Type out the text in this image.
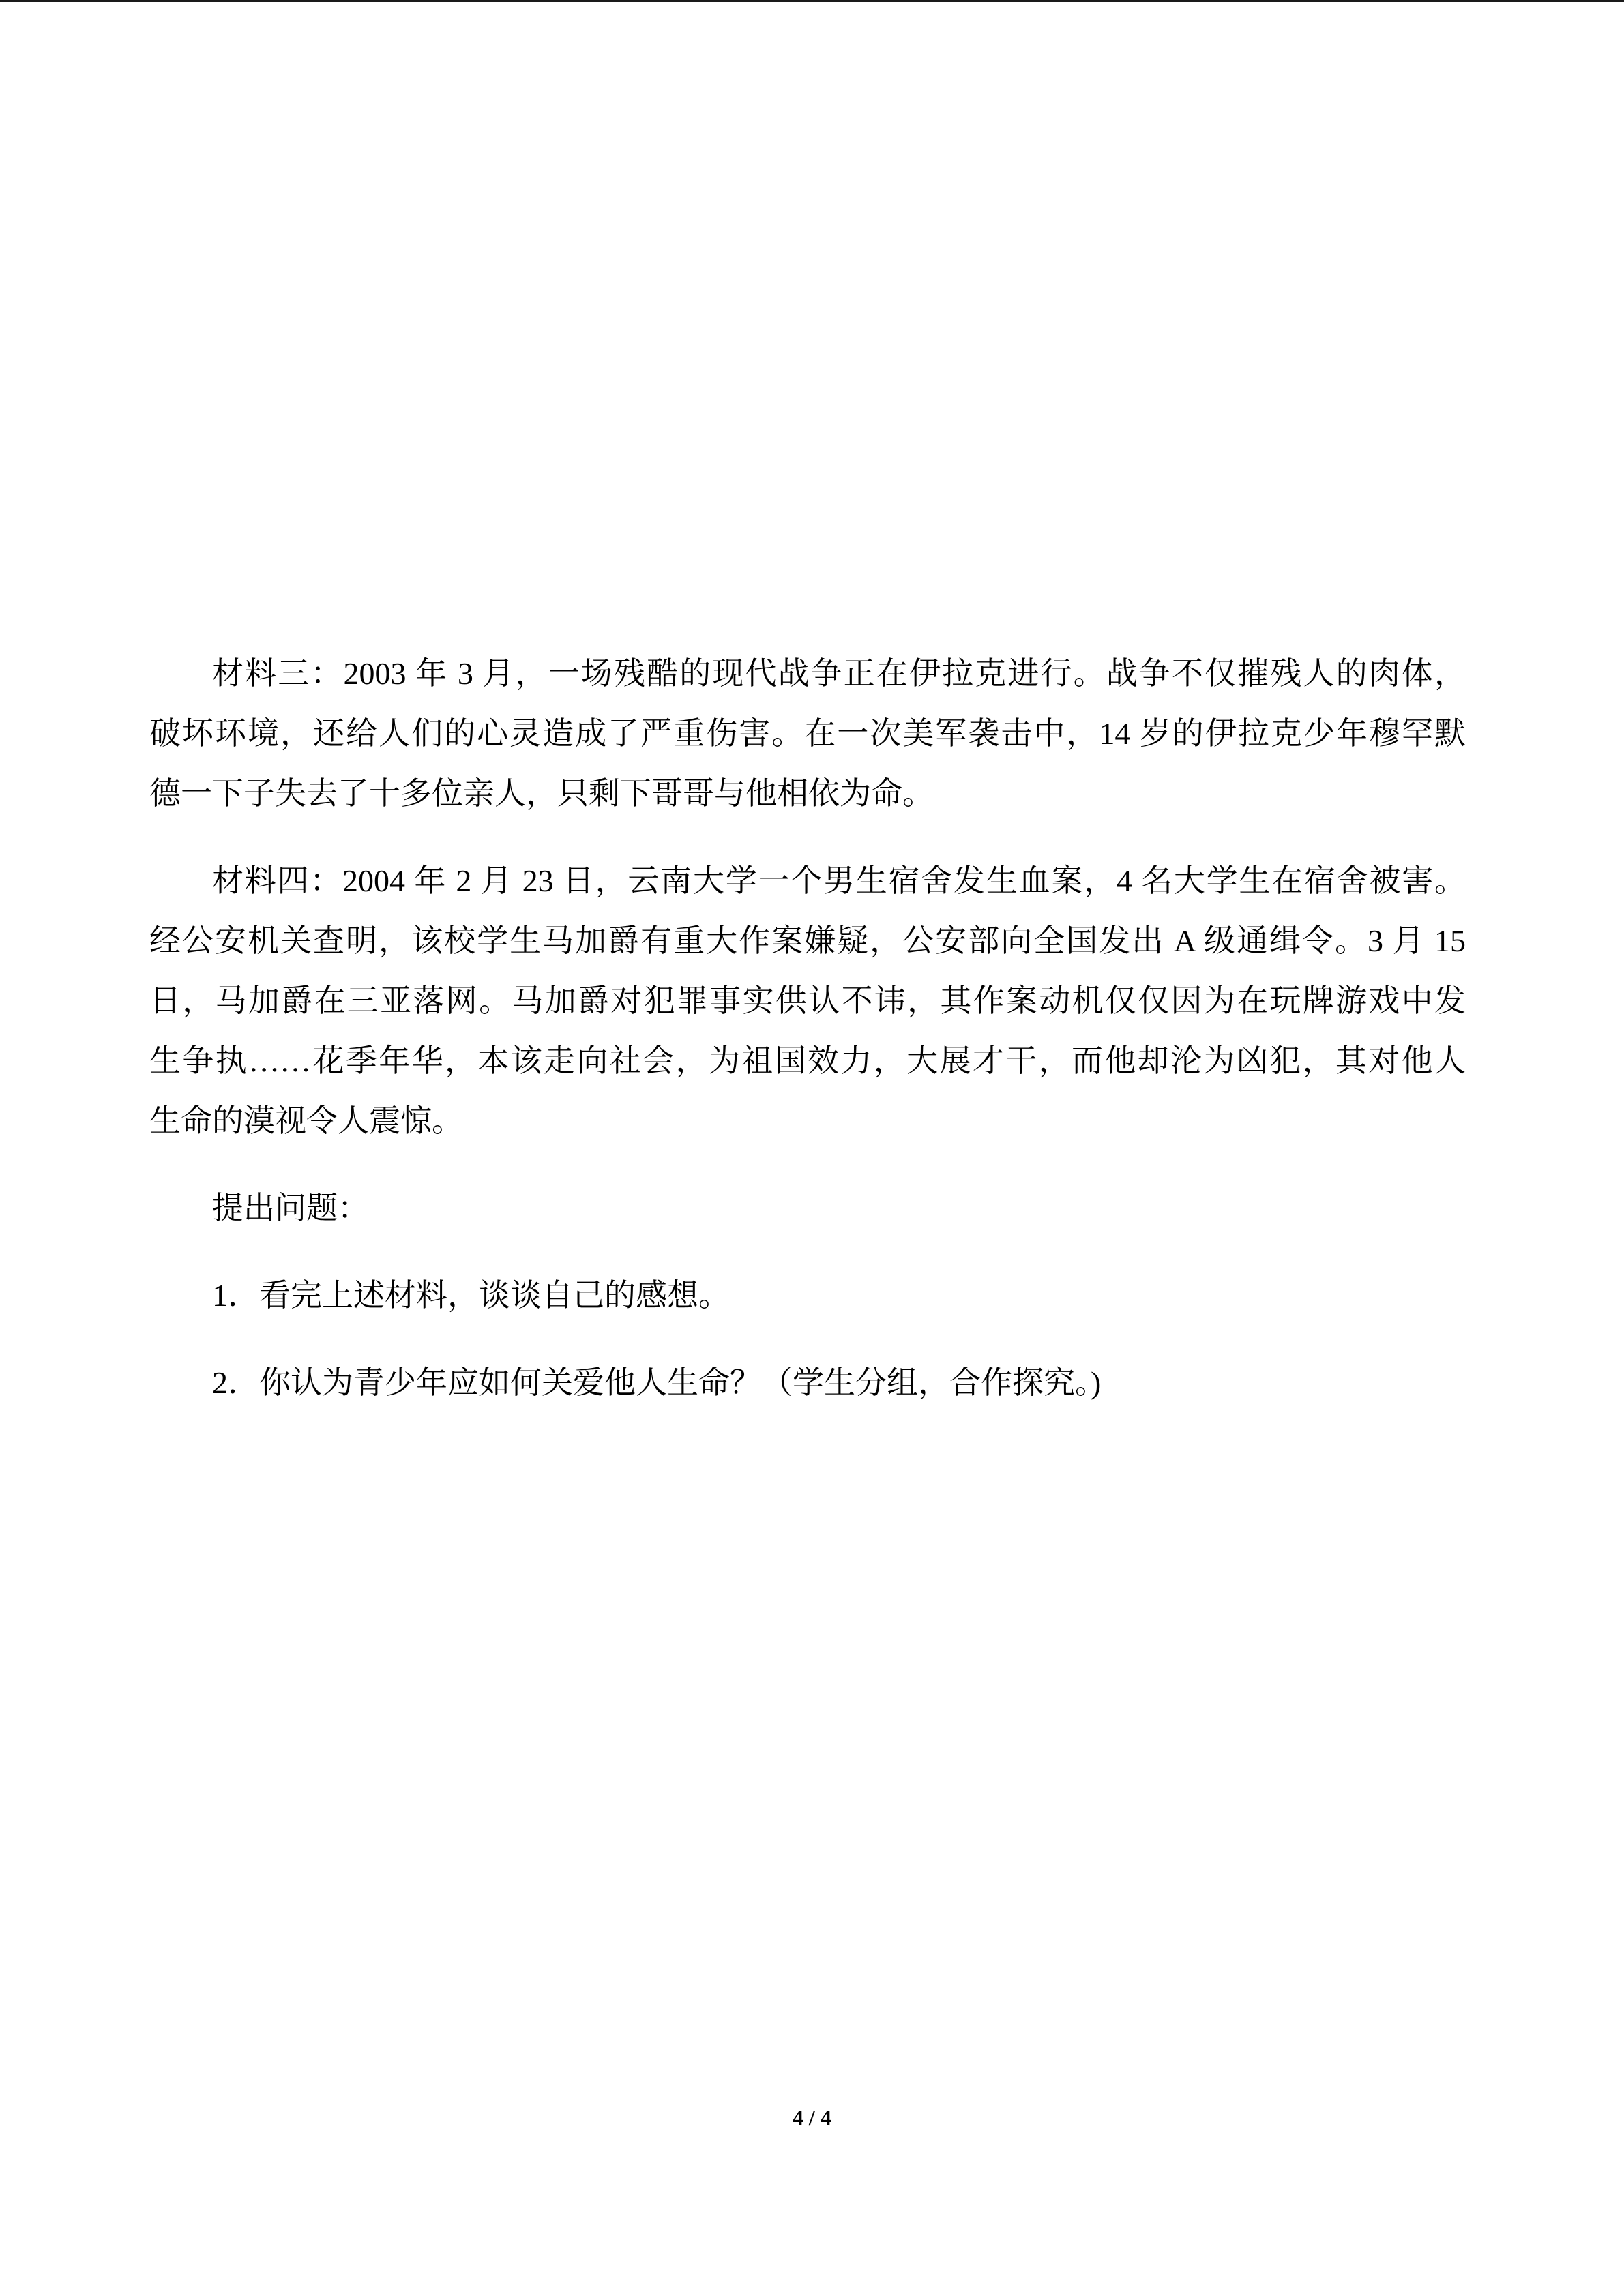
材料三：2003 年 3 月，一场残酷的现代战争正在伊拉克进行。战争不仅摧残人的肉体，
破坏环境，还给人们的心灵造成了严重伤害。在一次美军袭击中，14 岁的伊拉克少年穆罕默
德一下子失去了十多位亲人，只剩下哥哥与他相依为命。
材料四：2004 年 2 月 23 日，云南大学一个男生宿舍发生血案，4 名大学生在宿舍被害。
经公安机关查明，该校学生马加爵有重大作案嫌疑，公安部向全国发出 A 级通缉令。3 月 15
日，马加爵在三亚落网。马加爵对犯罪事实供认不讳，其作案动机仅仅因为在玩牌游戏中发
生争执……花季年华，本该走向社会，为祖国效力，大展才干，而他却沦为凶犯，其对他人
生命的漠视令人震惊。
提出问题：
1．看完上述材料，谈谈自己的感想。
2．你认为青少年应如何关爱他人生命？（学生分组，合作探究。)
4 / 4
